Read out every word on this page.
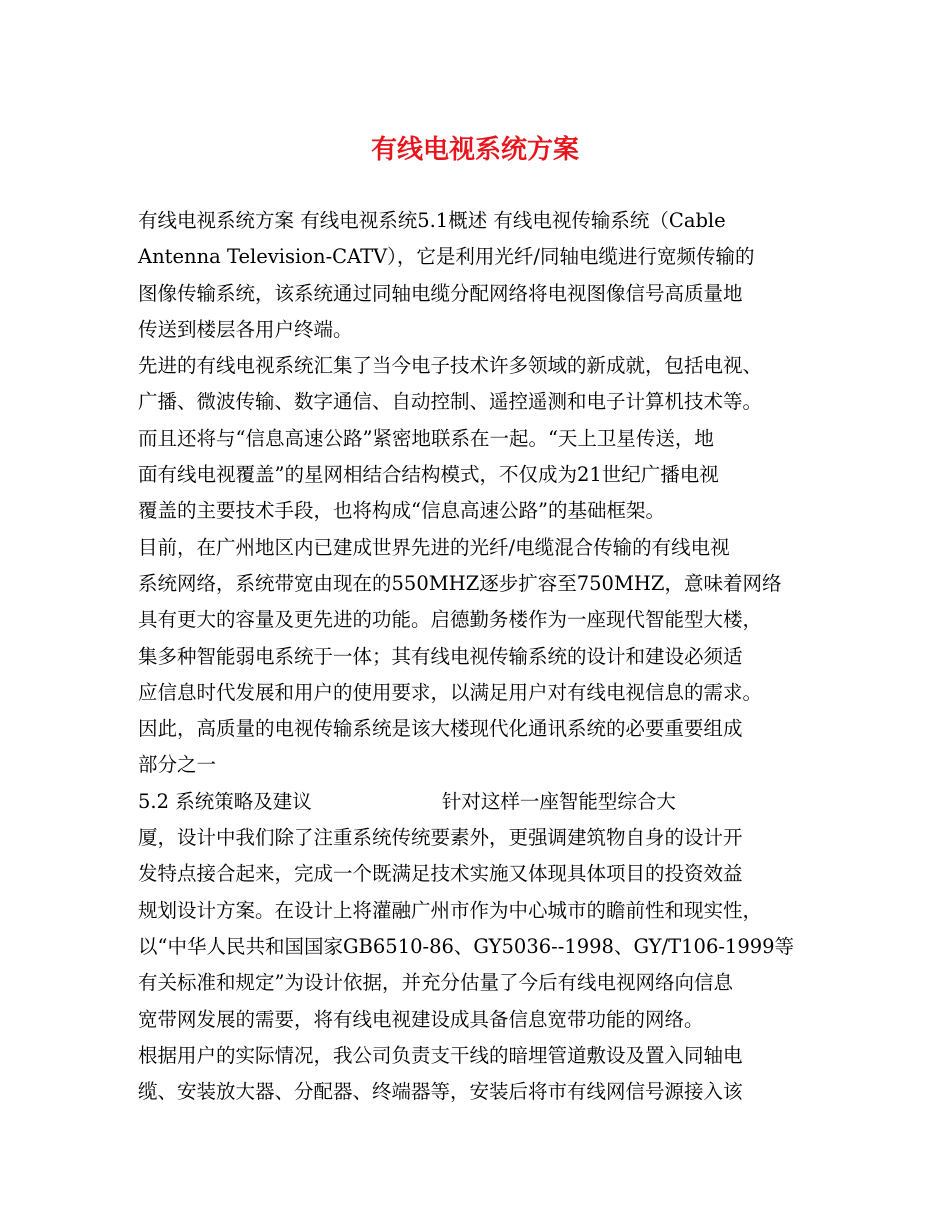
有线电视系统方案
有线电视系统方案 有线电视系统5.1概述 有线电视传输系统（Cable
Antenna Television-CATV），它是利用光纤/同轴电缆进行宽频传输的
图像传输系统，该系统通过同轴电缆分配网络将电视图像信号高质量地
传送到楼层各用户终端。
先进的有线电视系统汇集了当今电子技术许多领域的新成就，包括电视、
广播、微波传输、数字通信、自动控制、遥控遥测和电子计算机技术等。
而且还将与“信息高速公路”紧密地联系在一起。“天上卫星传送，地
面有线电视覆盖”的星网相结合结构模式，不仅成为21世纪广播电视
覆盖的主要技术手段，也将构成“信息高速公路”的基础框架。
目前，在广州地区内已建成世界先进的光纤/电缆混合传输的有线电视
系统网络，系统带宽由现在的550MHZ逐步扩容至750MHZ，意味着网络
具有更大的容量及更先进的功能。启德勤务楼作为一座现代智能型大楼，
集多种智能弱电系统于一体；其有线电视传输系统的设计和建设必须适
应信息时代发展和用户的使用要求，以满足用户对有线电视信息的需求。
因此，高质量的电视传输系统是该大楼现代化通讯系统的必要重要组成
部分之一
5.2 系统策略及建议                     针对这样一座智能型综合大
厦，设计中我们除了注重系统传统要素外，更强调建筑物自身的设计开
发特点接合起来，完成一个既满足技术实施又体现具体项目的投资效益
规划设计方案。在设计上将灌融广州市作为中心城市的瞻前性和现实性，
以“中华人民共和国国家GB6510-86、GY5036--1998、GY/T106-1999等
有关标准和规定”为设计依据，并充分估量了今后有线电视网络向信息
宽带网发展的需要，将有线电视建设成具备信息宽带功能的网络。
根据用户的实际情况，我公司负责支干线的暗埋管道敷设及置入同轴电
缆、安装放大器、分配器、终端器等，安装后将市有线网信号源接入该
